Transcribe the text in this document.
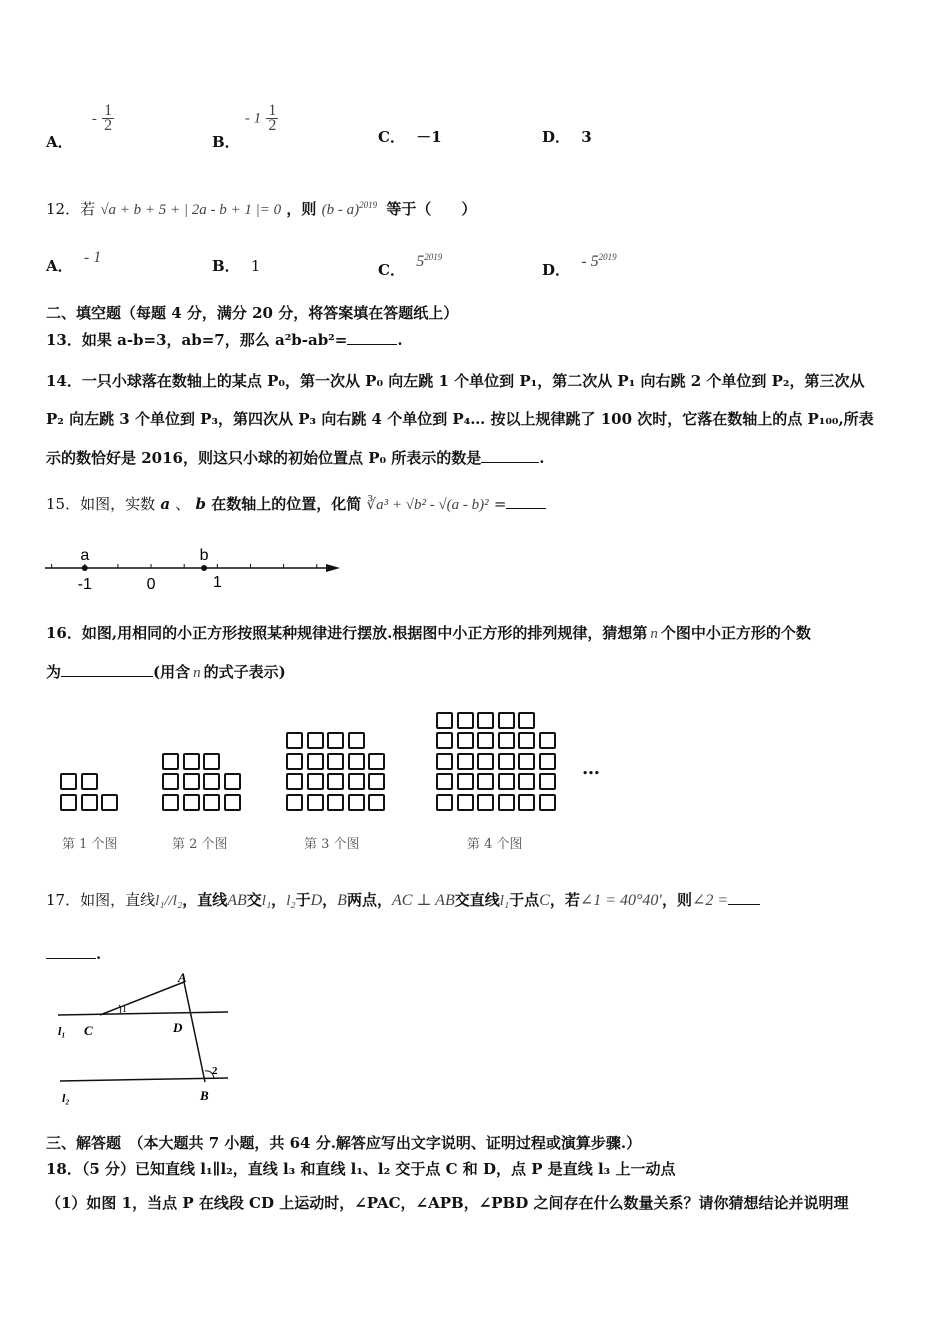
A． - $\frac{1}{2}$
B． - $1 \frac{1}{2}$
C． －1	D． 3
12．若 √a + b + 5 + | 2a - b + 1 |= 0 ，则 (b - a)$^{2019}$ 等于（　　）
A． - 1	B． 1	C． $5^{2019}$
D． - $5^{2019}$
二、填空题（每题 4 分，满分 20 分，将答案填在答题纸上）
13．如果 a-b=3，ab=7，那么 a²b-ab²=	.
14．一只小球落在数轴上的某点 P₀，第一次从 P₀ 向左跳 1 个单位到 P₁，第二次从 P₁ 向右跳 2 个单位到 P₂，第三次从
P₂ 向左跳 3 个单位到 P₃，第四次从 P₃ 向右跳 4 个单位到 P₄… 按以上规律跳了 100 次时，它落在数轴上的点 P₁₀₀,所表
示的数恰好是 2016，则这只小球的初始位置点 P₀ 所表示的数是	.
15．如图，实数 a 、 b 在数轴上的位置，化简 ∛a³ + √b² - √(a - b)² =
a	b
-1	0	1
16．如图,用相同的小正方形按照某种规律进行摆放.根据图中小正方形的排列规律，猜想第 n 个图中小正方形的个数
为	(用含 n 的式子表示)
…
第 1 个图	第 2 个图	第 3 个图	第 4 个图
17．如图，直线l₁//l₂，直线AB交l₁，l₂于D，B两点，AC ⊥ AB交直线l₁于点C，若∠1 = 40°40′，则∠2 =
.
A
C	D
B
l₁
l₂
1
2
三、解答题　（本大题共 7 小题，共 64 分.解答应写出文字说明、证明过程或演算步骤.）
18．（5 分）已知直线 l₁∥l₂，直线 l₃ 和直线 l₁、l₂ 交于点 C 和 D，点 P 是直线 l₃ 上一动点
（1）如图 1，当点 P 在线段 CD 上运动时，∠PAC，∠APB，∠PBD 之间存在什么数量关系？请你猜想结论并说明理
